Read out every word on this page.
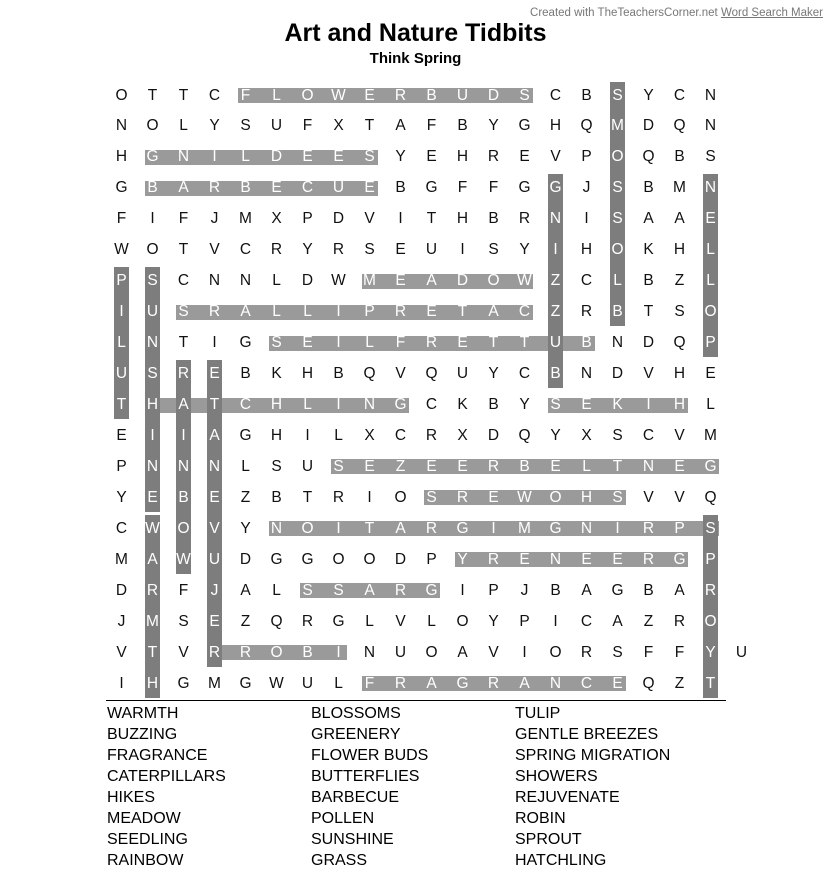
Created with TheTeachersCorner.net Word Search Maker
Art and Nature Tidbits
Think Spring
O	T	T	C	F	L	O	W	E	R	B	U	D	S	C	B	S	Y	C	N
N	O	L	Y	S	U	F	X	T	A	F	B	Y	G	H	Q	M	D	Q	N
H	G	N	I	L	D	E	E	S	Y	E	H	R	E	V	P	O	Q	B	S
G	B	A	R	B	E	C	U	E	B	G	F	F	G	G	J	S	B	M	N
F	I	F	J	M	X	P	D	V	I	T	H	B	R	N	I	S	A	A	E
W	O	T	V	C	R	Y	R	S	E	U	I	S	Y	I	H	O	K	H	L
P	S	C	N	N	L	D	W	M	E	A	D	O	W	Z	C	L	B	Z	L
I	U	S	R	A	L	L	I	P	R	E	T	A	C	Z	R	B	T	S	O
L	N	T	I	G	S	E	I	L	F	R	E	T	T	U	B	N	D	Q	P
U	S	R	E	B	K	H	B	Q	V	Q	U	Y	C	B	N	D	V	H	E
T	H	A	T	C	H	L	I	N	G	C	K	B	Y	S	E	K	I	H	L
E	I	I	A	G	H	I	L	X	C	R	X	D	Q	Y	X	S	C	V	M
P	N	N	N	L	S	U	S	E	Z	E	E	R	B	E	L	T	N	E	G
Y	E	B	E	Z	B	T	R	I	O	S	R	E	W	O	H	S	V	V	Q
C	W	O	V	Y	N	O	I	T	A	R	G	I	M	G	N	I	R	P	S
M	A	W	U	D	G	G	O	O	D	P	Y	R	E	N	E	E	R	G	P
D	R	F	J	A	L	S	S	A	R	G	I	P	J	B	A	G	B	A	R
J	M	S	E	Z	Q	R	G	L	V	L	O	Y	P	I	C	A	Z	R	O
V	T	V	R	R	O	B	I	N	U	O	A	V	I	O	R	S	F	F	Y	U
I	H	G	M	G	W	U	L	F	R	A	G	R	A	N	C	E	Q	Z	T
WARMTH
BUZZING
FRAGRANCE
CATERPILLARS
HIKES
MEADOW
SEEDLING
RAINBOW
BLOSSOMS
GREENERY
FLOWER BUDS
BUTTERFLIES
BARBECUE
POLLEN
SUNSHINE
GRASS
TULIP
GENTLE BREEZES
SPRING MIGRATION
SHOWERS
REJUVENATE
ROBIN
SPROUT
HATCHLING
